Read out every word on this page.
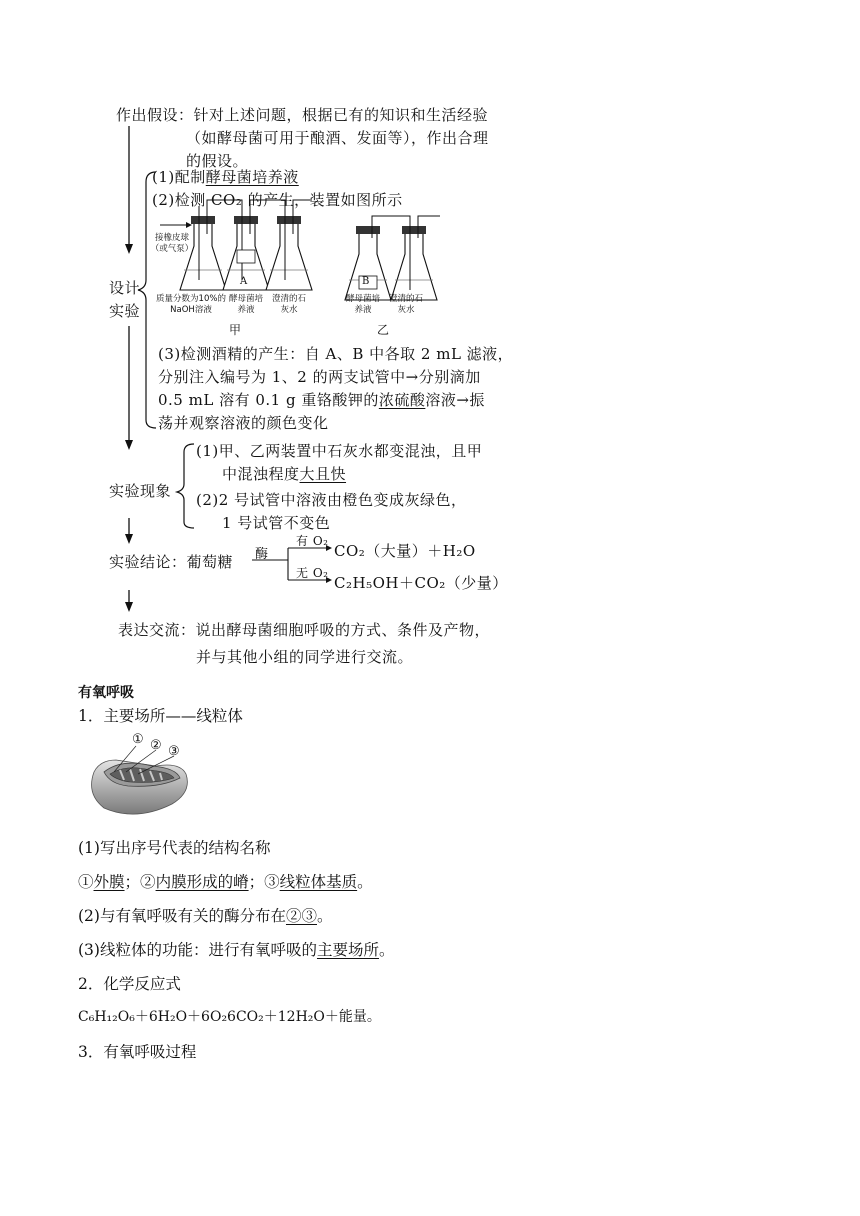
作出假设：针对上述问题，根据已有的知识和生活经验
（如酵母菌可用于酿酒、发面等），作出合理
的假设。
设计
实验
(1)配制酵母菌培养液
(2)检测 CO₂ 的产生，装置如图所示
接橡皮球（或气泵）
A	B
质量分数为10%的NaOH溶液
酵母菌培养液
澄清的石灰水
酵母菌培养液
澄清的石灰水
甲	乙
(3)检测酒精的产生：自 A、B 中各取 2 mL 滤液，
分别注入编号为 1、2 的两支试管中→分别滴加
0.5 mL 溶有 0.1 g 重铬酸钾的浓硫酸溶液→振
荡并观察溶液的颜色变化
实验现象
(1)甲、乙两装置中石灰水都变混浊，且甲
中混浊程度大且快
(2)2 号试管中溶液由橙色变成灰绿色，
1 号试管不变色
实验结论：葡萄糖 酶
有 O₂
CO₂（大量）＋H₂O
无 O₂
C₂H₅OH＋CO₂（少量）
表达交流：说出酵母菌细胞呼吸的方式、条件及产物，
并与其他小组的同学进行交流。
有氧呼吸
1．主要场所——线粒体
① ② ③
(1)写出序号代表的结构名称
①外膜；②内膜形成的嵴；③线粒体基质。
(2)与有氧呼吸有关的酶分布在②③。
(3)线粒体的功能：进行有氧呼吸的主要场所。
2．化学反应式
C₆H₁₂O₆＋6H₂O＋6O₂6CO₂＋12H₂O＋能量。
3．有氧呼吸过程
